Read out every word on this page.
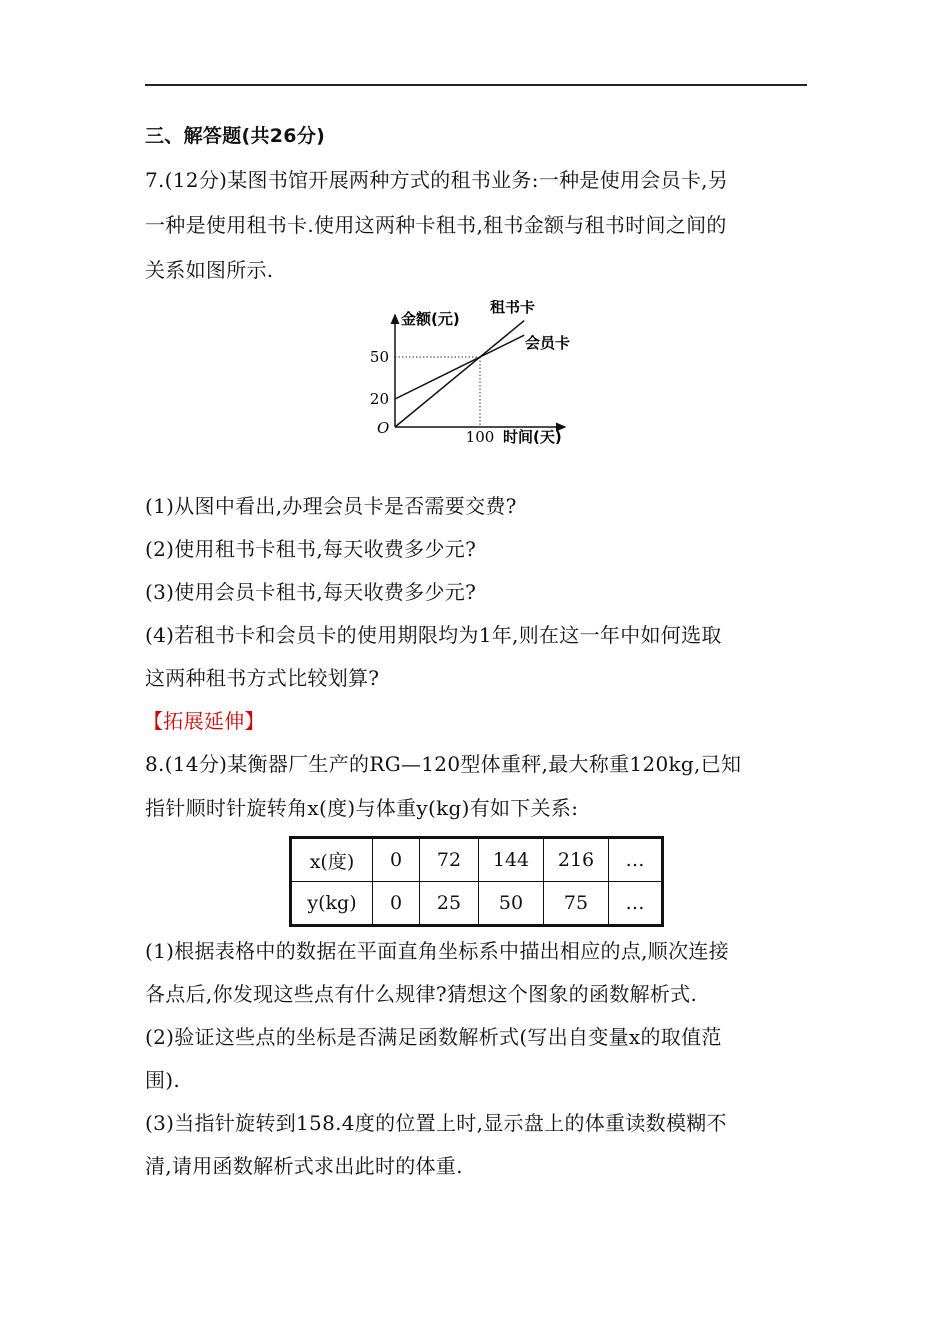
三、解答题(共26分)
7.(12分)某图书馆开展两种方式的租书业务:一种是使用会员卡,另
一种是使用租书卡.使用这两种卡租书,租书金额与租书时间之间的
关系如图所示.
金额(元)
时间(天)
租书卡
会员卡
20
50
100
O
(1)从图中看出,办理会员卡是否需要交费?
(2)使用租书卡租书,每天收费多少元?
(3)使用会员卡租书,每天收费多少元?
(4)若租书卡和会员卡的使用期限均为1年,则在这一年中如何选取
这两种租书方式比较划算?
【拓展延伸】
8.(14分)某衡器厂生产的RG—120型体重秤,最大称重120kg,已知
指针顺时针旋转角x(度)与体重y(kg)有如下关系:
x(度)	0	72	144	216	…
y(kg)	0	25	50	75	…
(1)根据表格中的数据在平面直角坐标系中描出相应的点,顺次连接
各点后,你发现这些点有什么规律?猜想这个图象的函数解析式.
(2)验证这些点的坐标是否满足函数解析式(写出自变量x的取值范
围).
(3)当指针旋转到158.4度的位置上时,显示盘上的体重读数模糊不
清,请用函数解析式求出此时的体重.
